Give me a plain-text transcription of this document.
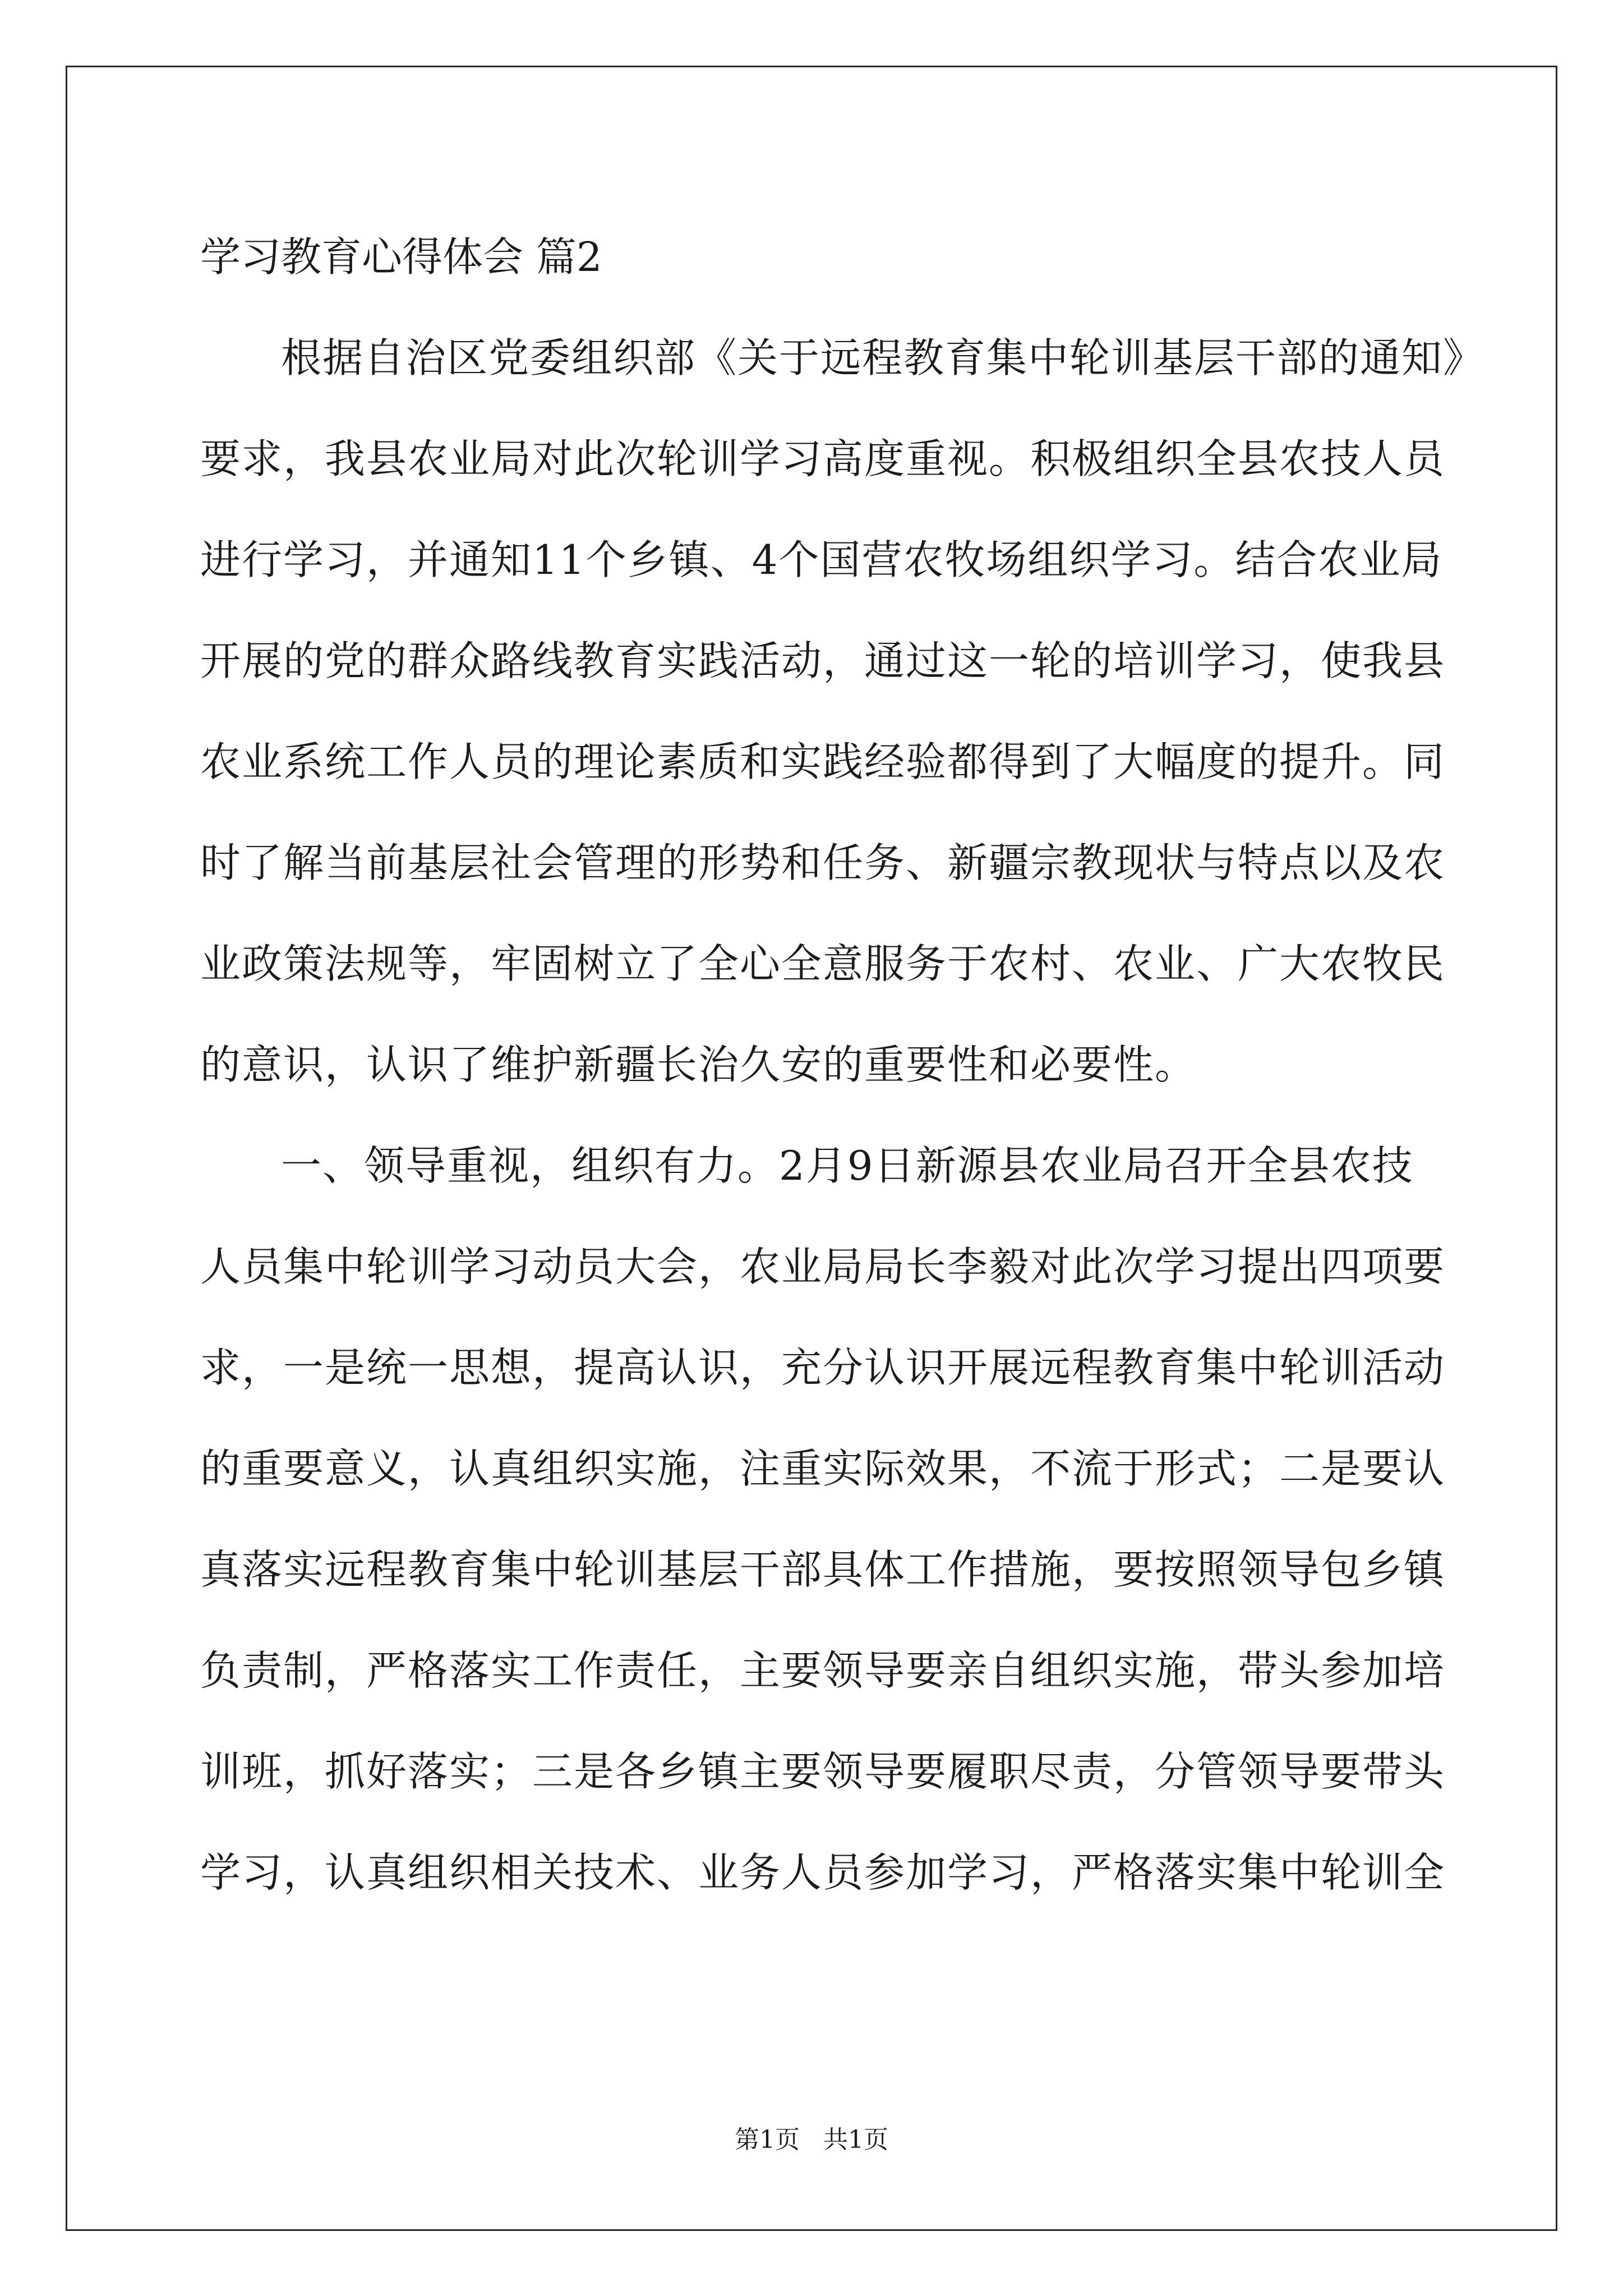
学习教育心得体会 篇2
根据自治区党委组织部《关于远程教育集中轮训基层干部的通知》
要求，我县农业局对此次轮训学习高度重视。积极组织全县农技人员
进行学习，并通知11个乡镇、4个国营农牧场组织学习。结合农业局
开展的党的群众路线教育实践活动，通过这一轮的培训学习，使我县
农业系统工作人员的理论素质和实践经验都得到了大幅度的提升。同
时了解当前基层社会管理的形势和任务、新疆宗教现状与特点以及农
业政策法规等，牢固树立了全心全意服务于农村、农业、广大农牧民
的意识，认识了维护新疆长治久安的重要性和必要性。
一、领导重视，组织有力。2月9日新源县农业局召开全县农技
人员集中轮训学习动员大会，农业局局长李毅对此次学习提出四项要
求，一是统一思想，提高认识，充分认识开展远程教育集中轮训活动
的重要意义，认真组织实施，注重实际效果，不流于形式；二是要认
真落实远程教育集中轮训基层干部具体工作措施，要按照领导包乡镇
负责制，严格落实工作责任，主要领导要亲自组织实施，带头参加培
训班，抓好落实；三是各乡镇主要领导要履职尽责，分管领导要带头
学习，认真组织相关技术、业务人员参加学习，严格落实集中轮训全
第1页 共1页
